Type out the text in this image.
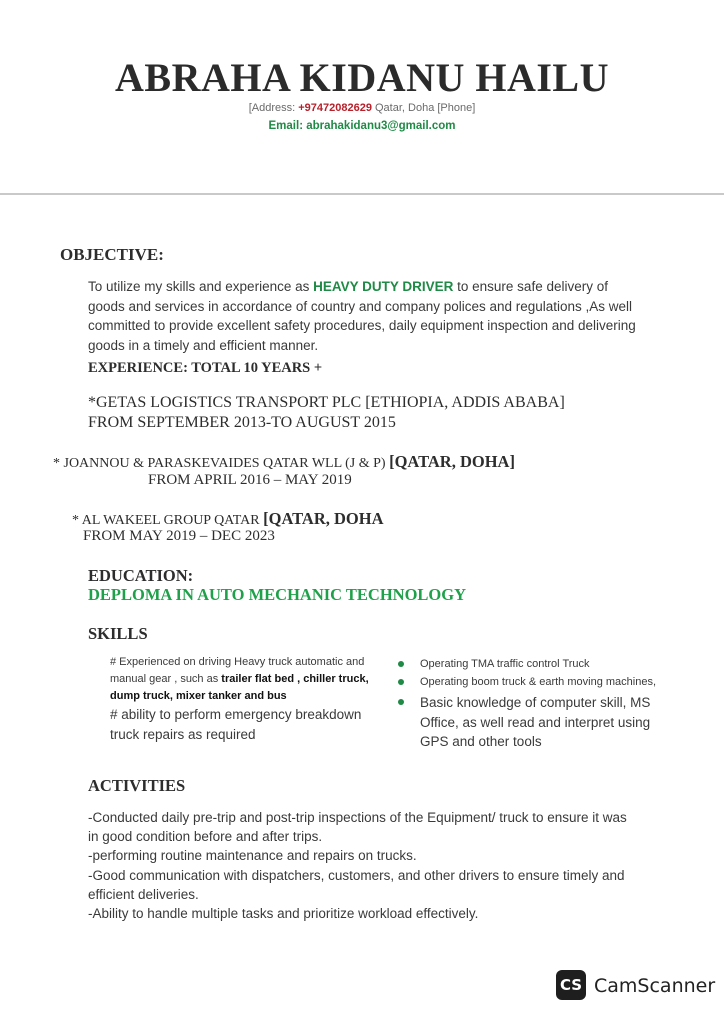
ABRAHA KIDANU HAILU
[Address: +97472082629 Qatar, Doha [Phone]
Email: abrahakidanu3@gmail.com
OBJECTIVE:
To utilize my skills and experience as HEAVY DUTY DRIVER to ensure safe delivery of goods and services in accordance of country and company polices and regulations ,As well committed to provide excellent safety procedures, daily equipment inspection and delivering goods in a timely and efficient manner.
EXPERIENCE: TOTAL 10 YEARS +
*GETAS LOGISTICS TRANSPORT PLC [ETHIOPIA, ADDIS ABABA]
FROM SEPTEMBER 2013-TO AUGUST 2015
* JOANNOU & PARASKEVAIDES QATAR WLL (J & P) [QATAR, DOHA]
FROM APRIL 2016 – MAY 2019
* AL WAKEEL GROUP QATAR [QATAR, DOHA
FROM MAY 2019 – DEC 2023
EDUCATION:
DEPLOMA IN AUTO MECHANIC TECHNOLOGY
SKILLS
# Experienced on driving Heavy truck automatic and manual gear , such as trailer flat bed , chiller truck, dump truck, mixer tanker and bus
# ability to perform emergency breakdown truck repairs as required
Operating TMA traffic control Truck
Operating boom truck & earth moving machines,
Basic knowledge of computer skill, MS Office, as well read and interpret using GPS and other tools
ACTIVITIES
-Conducted daily pre-trip and post-trip inspections of the Equipment/ truck to ensure it was in good condition before and after trips.
-performing routine maintenance and repairs on trucks.
-Good communication with dispatchers, customers, and other drivers to ensure timely and efficient deliveries.
-Ability to handle multiple tasks and prioritize workload effectively.
CS CamScanner
